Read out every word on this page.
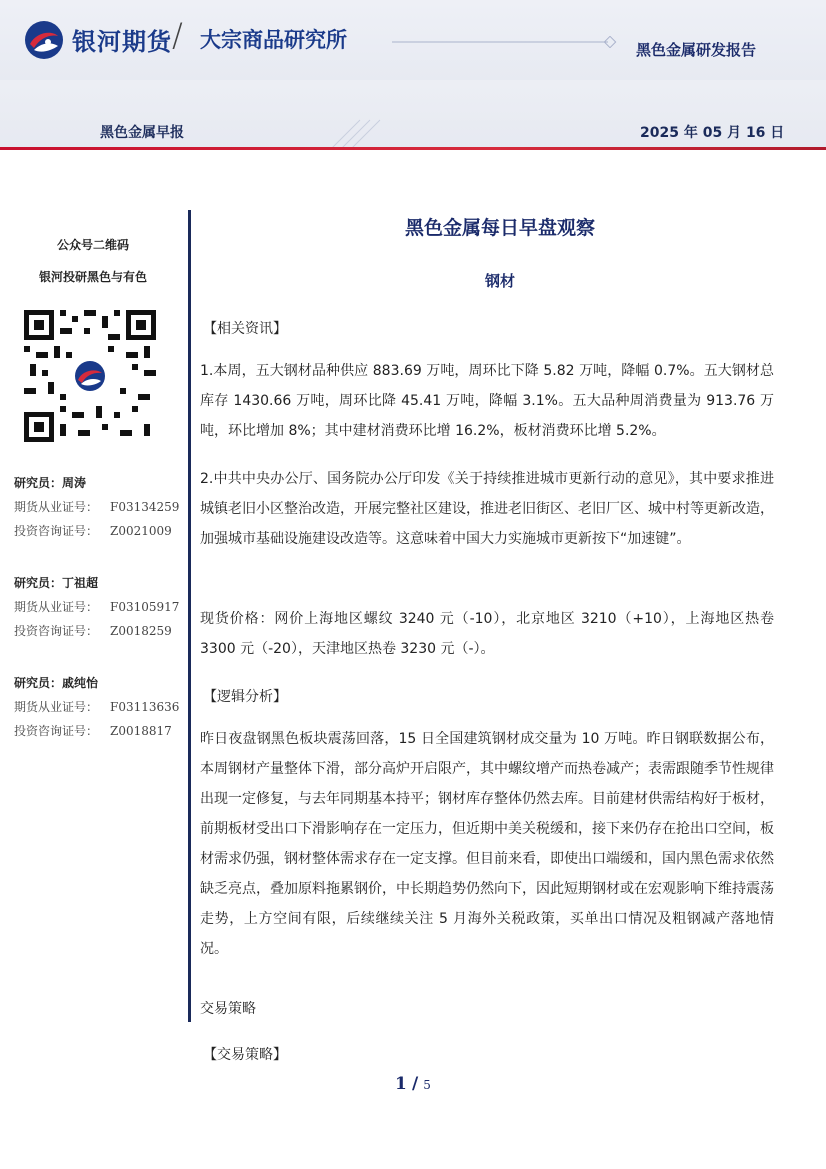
银河期货 / 大宗商品研究所	黑色金属研发报告
黑色金属早报	2025 年 05 月 16 日
公众号二维码
银河投研黑色与有色
研究员：周涛
期货从业证号： F03134259
投资咨询证号： Z0021009
研究员：丁祖超
期货从业证号： F03105917
投资咨询证号： Z0018259
研究员：戚纯怡
期货从业证号： F03113636
投资咨询证号： Z0018817
黑色金属每日早盘观察
钢材
【相关资讯】
1.本周，五大钢材品种供应 883.69 万吨，周环比下降 5.82 万吨，降幅 0.7%。五大钢材总库存 1430.66 万吨，周环比降 45.41 万吨，降幅 3.1%。五大品种周消费量为 913.76 万吨，环比增加 8%；其中建材消费环比增 16.2%，板材消费环比增 5.2%。
2.中共中央办公厅、国务院办公厅印发《关于持续推进城市更新行动的意见》，其中要求推进城镇老旧小区整治改造，开展完整社区建设，推进老旧街区、老旧厂区、城中村等更新改造，加强城市基础设施建设改造等。这意味着中国大力实施城市更新按下“加速键”。
现货价格：网价上海地区螺纹 3240 元（-10），北京地区 3210（+10），上海地区热卷 3300 元（-20），天津地区热卷 3230 元（-）。
【逻辑分析】
昨日夜盘钢黑色板块震荡回落，15 日全国建筑钢材成交量为 10 万吨。昨日钢联数据公布，本周钢材产量整体下滑，部分高炉开启限产，其中螺纹增产而热卷减产；表需跟随季节性规律出现一定修复，与去年同期基本持平；钢材库存整体仍然去库。目前建材供需结构好于板材，前期板材受出口下滑影响存在一定压力，但近期中美关税缓和，接下来仍存在抢出口空间，板材需求仍强，钢材整体需求存在一定支撑。但目前来看，即使出口端缓和，国内黑色需求依然缺乏亮点，叠加原料拖累钢价，中长期趋势仍然向下，因此短期钢材或在宏观影响下维持震荡走势，上方空间有限，后续继续关注 5 月海外关税政策，买单出口情况及粗钢减产落地情况。
交易策略
【交易策略】
1 / 5
